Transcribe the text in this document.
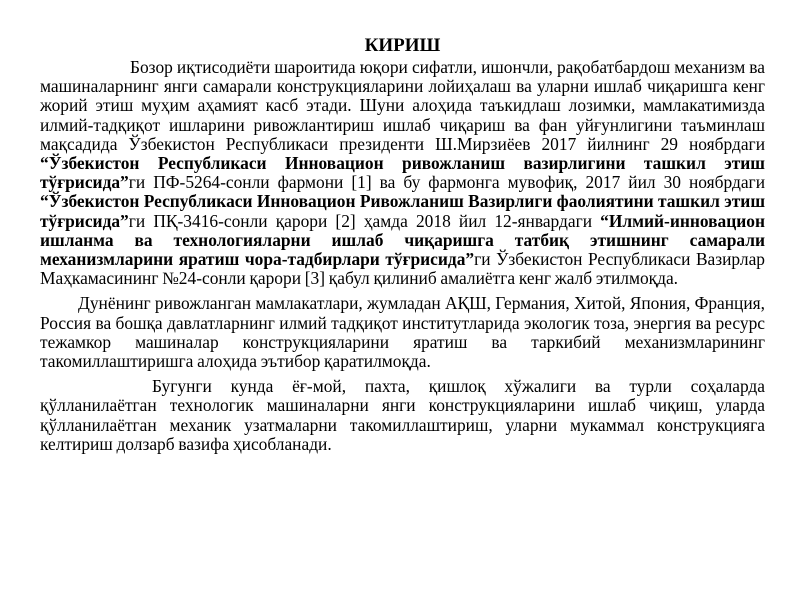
КИРИШ

Бозор иқтисодиёти шароитида юқори сифатли, ишончли, рақобатбардош механизм ва машиналарнинг янги самарали конструкцияларини лойиҳалаш ва уларни ишлаб чиқаришга кенг жорий этиш муҳим аҳамият касб этади. Шуни алоҳида таъкидлаш лозимки, мамлакатимизда илмий-тадқиқот ишларини ривожлантириш ишлаб чиқариш ва фан уйғунлигини таъминлаш мақсадида Ўзбекистон Республикаси президенти Ш.Мирзиёев 2017 йилнинг 29 ноябрдаги “Ўзбекистон Республикаси Инновацион ривожланиш вазирлигини ташкил этиш тўғрисида”ги ПФ-5264-сонли фармони [1] ва бу фармонга мувофиқ, 2017 йил 30 ноябрдаги “Ўзбекистон Республикаси Инновацион Ривожланиш Вазирлиги фаолиятини ташкил этиш тўғрисида”ги ПҚ-3416-сонли қарори [2] ҳамда 2018 йил 12-январдаги “Илмий-инновацион ишланма ва технологияларни ишлаб чиқаришга татбиқ этишнинг самарали механизмларини яратиш чора-тадбирлари тўғрисида”ги Ўзбекистон Республикаси Вазирлар Маҳкамасининг №24-сонли қарори [3] қабул қилиниб амалиётга кенг жалб этилмоқда.

Дунёнинг ривожланган мамлакатлари, жумладан АҚШ, Германия, Хитой, Япония, Франция, Россия ва бошқа давлатларнинг илмий тадқиқот институтларида экологик тоза, энергия ва ресурс тежамкор машиналар конструкцияларини яратиш ва таркибий механизмларининг такомиллаштиришга алоҳида эътибор қаратилмоқда.

Бугунги кунда ёғ-мой, пахта, қишлоқ хўжалиги ва турли соҳаларда қўлланилаётган технологик машиналарни янги конструкцияларини ишлаб чиқиш, уларда қўлланилаётган механик узатмаларни такомиллаштириш, уларни мукаммал конструкцияга келтириш долзарб вазифа ҳисобланади.
